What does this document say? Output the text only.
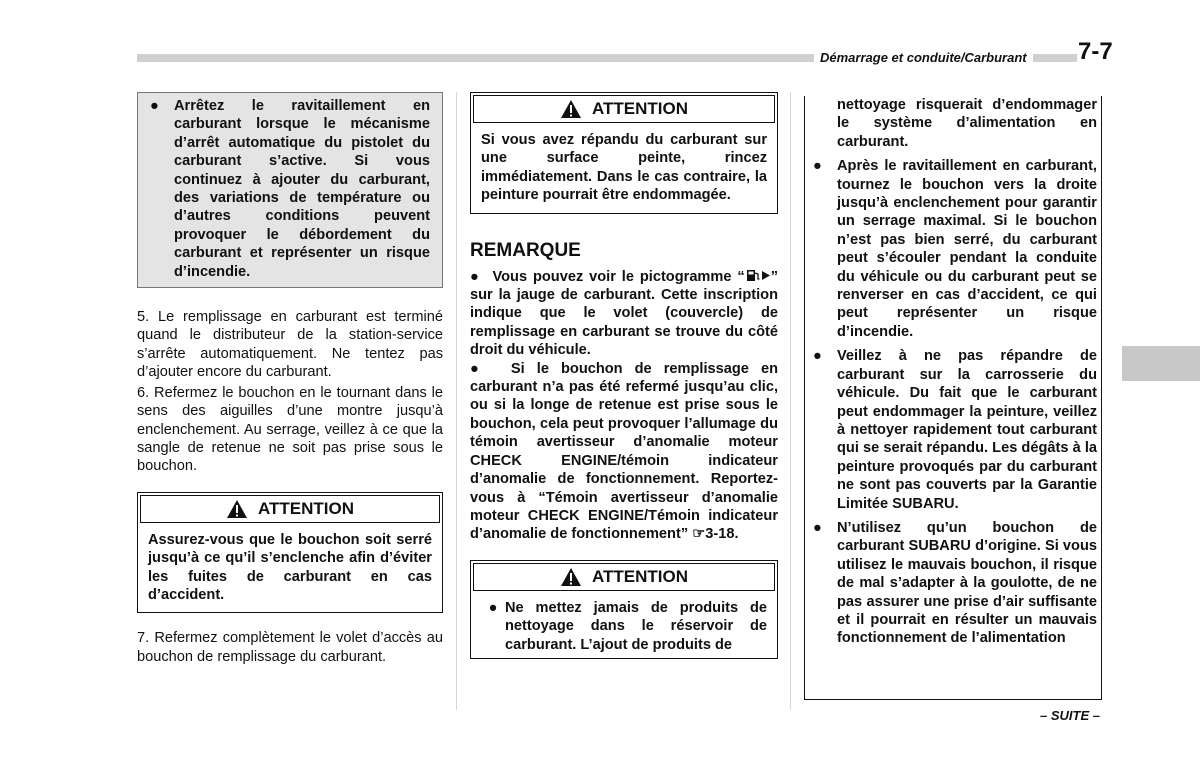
Démarrage et conduite/Carburant 7-7
●	Arrêtez le ravitaillement en carburant lorsque le mécanisme d’arrêt automatique du pistolet du carburant s’active. Si vous continuez à ajouter du carburant, des variations de température ou d’autres conditions peuvent provoquer le débordement du carburant et représenter un risque d’incendie.

5. Le remplissage en carburant est terminé quand le distributeur de la station-service s’arrête automatiquement. Ne tentez pas d’ajouter encore du carburant.

6. Refermez le bouchon en le tournant dans le sens des aiguilles d’une montre jusqu’à enclenchement. Au serrage, veillez à ce que la sangle de retenue ne soit pas prise sous le bouchon.

ATTENTION
Assurez-vous que le bouchon soit serré jusqu’à ce qu’il s’enclenche afin d’éviter les fuites de carburant en cas d’accident.

7. Refermez complètement le volet d’accès au bouchon de remplissage du carburant.

ATTENTION
Si vous avez répandu du carburant sur une surface peinte, rincez immédiatement. Dans le cas contraire, la peinture pourrait être endommagée.
REMARQUE

●  Vous pouvez voir le pictogramme “ ” sur la jauge de carburant. Cette inscription indique que le volet (couvercle) de remplissage en carburant se trouve du côté droit du véhicule.

●  Si le bouchon de remplissage en carburant n’a pas été refermé jusqu’au clic, ou si la longe de retenue est prise sous le bouchon, cela peut provoquer l’allumage du témoin avertisseur d’anomalie moteur CHECK ENGINE/témoin indicateur d’anomalie de fonctionnement. Reportez-vous à “Témoin avertisseur d’anomalie moteur CHECK ENGINE/Témoin indicateur d’anomalie de fonctionnement” ☞3-18.

ATTENTION
● Ne mettez jamais de produits de nettoyage dans le réservoir de carburant. L’ajout de produits de
nettoyage risquerait d’endommager le système d’alimentation en carburant.
●	Après le ravitaillement en carburant, tournez le bouchon vers la droite jusqu’à enclenchement pour garantir un serrage maximal. Si le bouchon n’est pas bien serré, du carburant peut s’écouler pendant la conduite du véhicule ou du carburant peut se renverser en cas d’accident, ce qui peut représenter un risque d’incendie.
●	Veillez à ne pas répandre de carburant sur la carrosserie du véhicule. Du fait que le carburant peut endommager la peinture, veillez à nettoyer rapidement tout carburant qui se serait répandu. Les dégâts à la peinture provoqués par du carburant ne sont pas couverts par la Garantie Limitée SUBARU.
●	N’utilisez qu’un bouchon de carburant SUBARU d’origine. Si vous utilisez le mauvais bouchon, il risque de mal s’adapter à la goulotte, de ne pas assurer une prise d’air suffisante et il pourrait en résulter un mauvais fonctionnement de l’alimentation
– SUITE –
